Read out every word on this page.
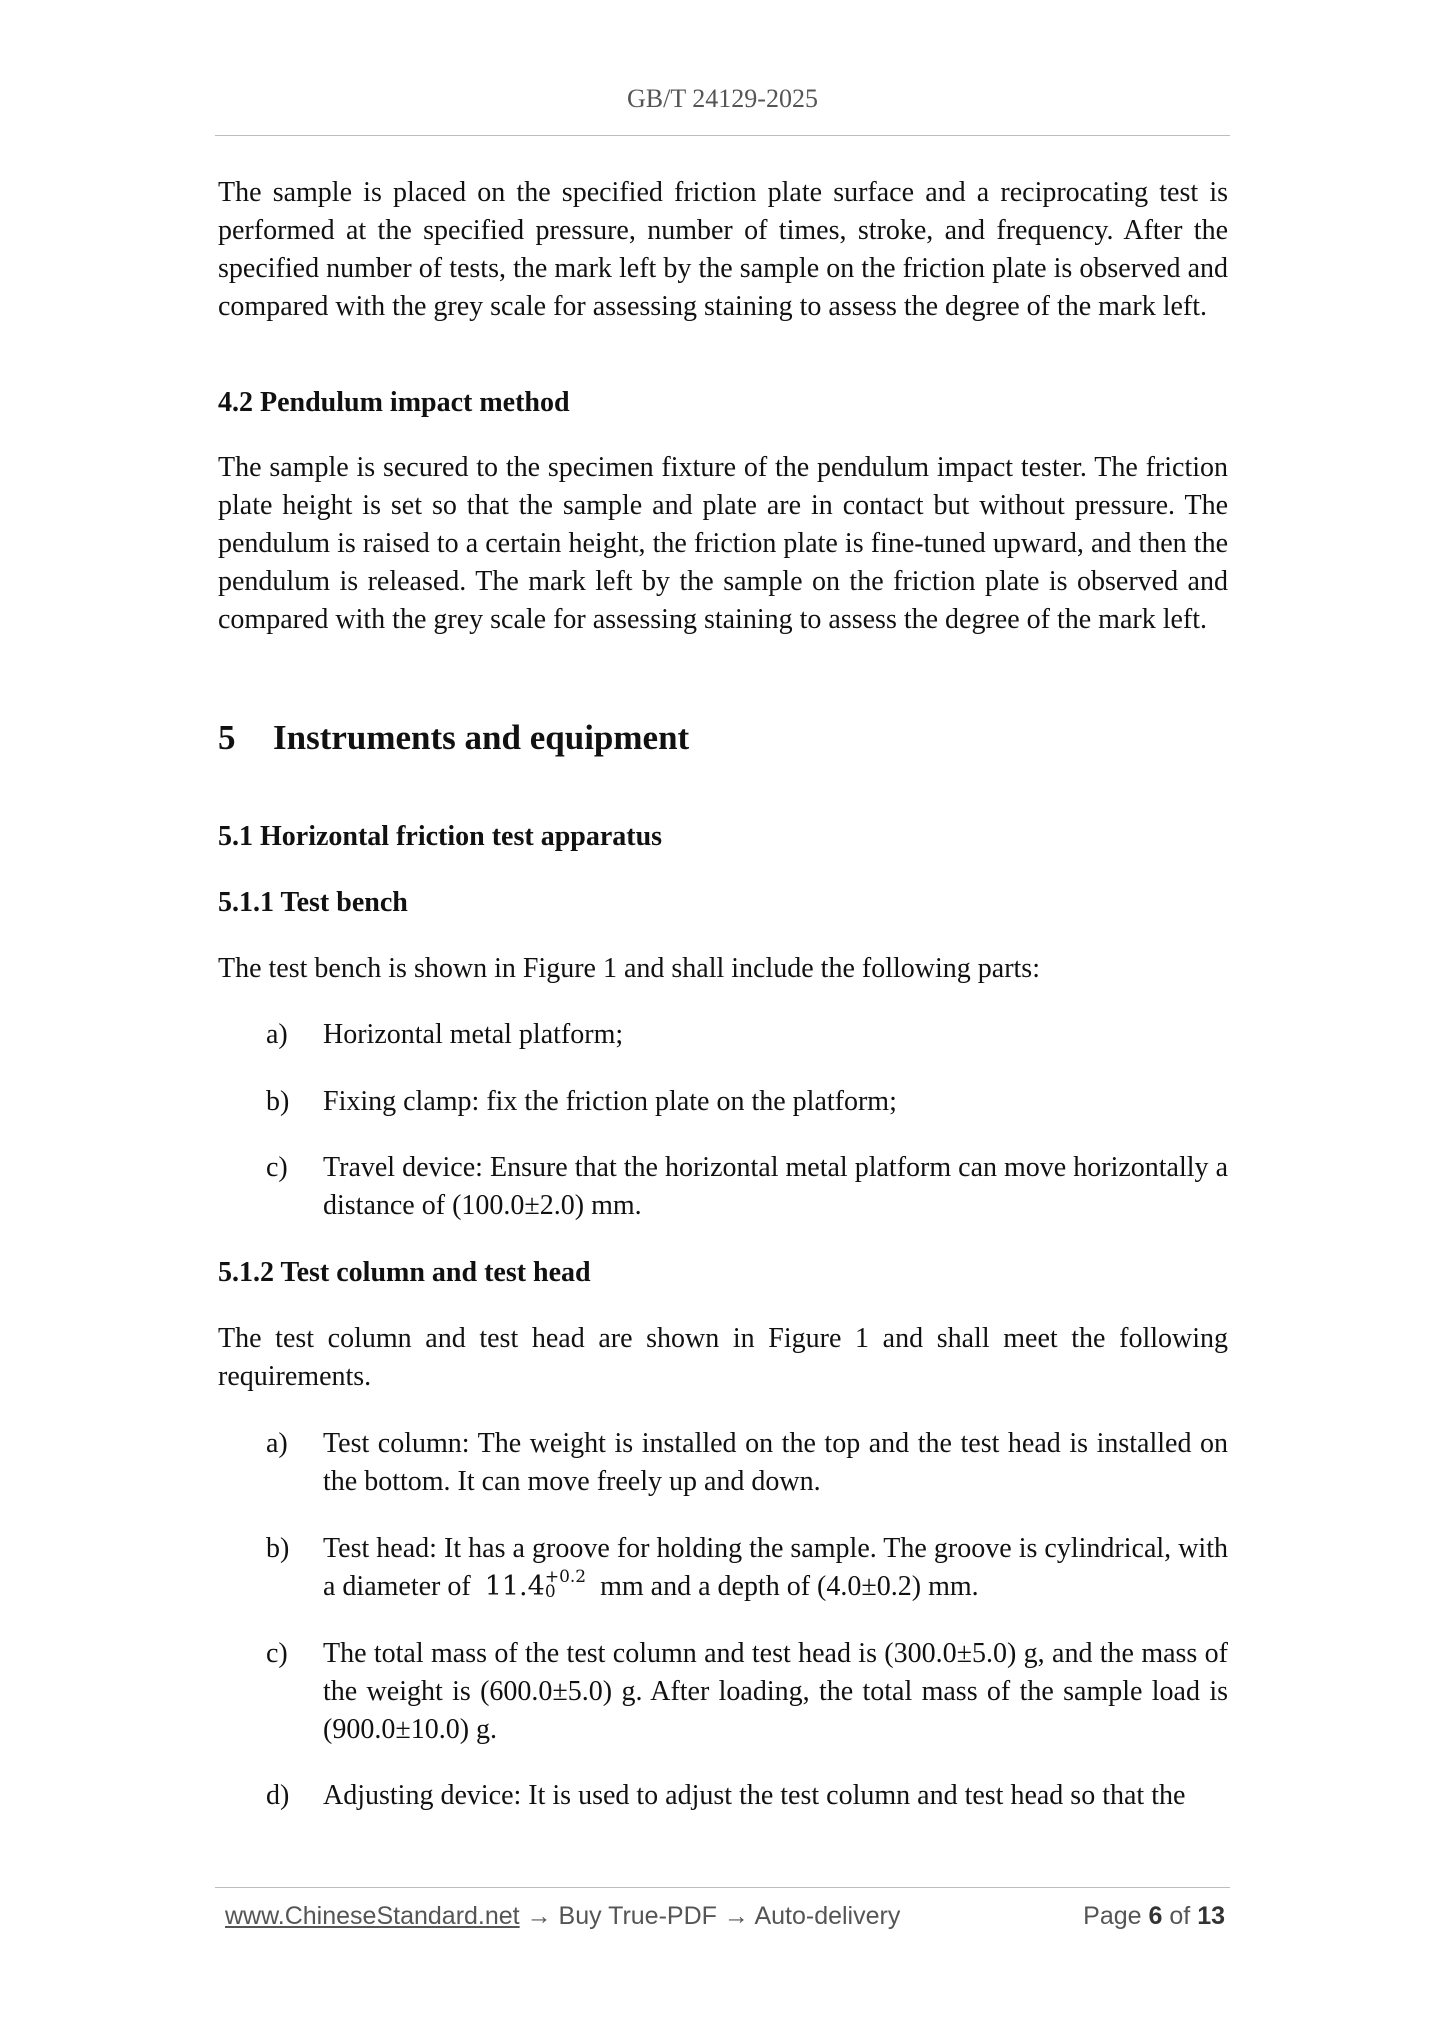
GB/T 24129-2025

The sample is placed on the specified friction plate surface and a reciprocating test is performed at the specified pressure, number of times, stroke, and frequency. After the specified number of tests, the mark left by the sample on the friction plate is observed and compared with the grey scale for assessing staining to assess the degree of the mark left.

4.2 Pendulum impact method

The sample is secured to the specimen fixture of the pendulum impact tester. The friction plate height is set so that the sample and plate are in contact but without pressure. The pendulum is raised to a certain height, the friction plate is fine-tuned upward, and then the pendulum is released. The mark left by the sample on the friction plate is observed and compared with the grey scale for assessing staining to assess the degree of the mark left.

5 Instruments and equipment

5.1 Horizontal friction test apparatus

5.1.1 Test bench

The test bench is shown in Figure 1 and shall include the following parts:

a) Horizontal metal platform;
b) Fixing clamp: fix the friction plate on the platform;
c) Travel device: Ensure that the horizontal metal platform can move horizontally a distance of (100.0±2.0) mm.

5.1.2 Test column and test head

The test column and test head are shown in Figure 1 and shall meet the following requirements.

a) Test column: The weight is installed on the top and the test head is installed on the bottom. It can move freely up and down.
b) Test head: It has a groove for holding the sample. The groove is cylindrical, with a diameter of 11.4 +0.2
0	mm and a depth of (4.0±0.2) mm.
c) The total mass of the test column and test head is (300.0±5.0) g, and the mass of the weight is (600.0±5.0) g. After loading, the total mass of the sample load is (900.0±10.0) g.
d) Adjusting device: It is used to adjust the test column and test head so that the
www.ChineseStandard.net → Buy True-PDF → Auto-delivery	Page 6 of 13
